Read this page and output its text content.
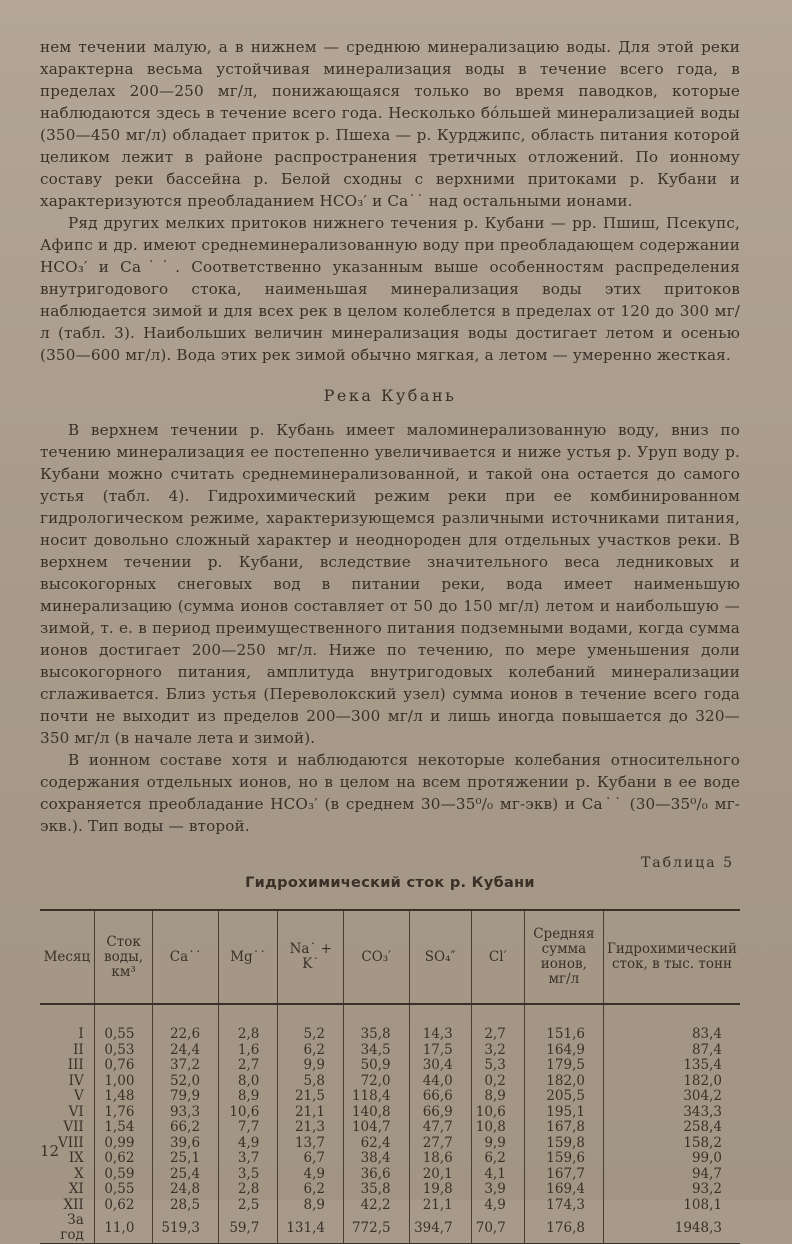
нем течении малую, а в нижнем — среднюю минерализацию воды. Для этой реки характерна весьма устойчивая минерализация воды в течение всего года, в пределах 200—250 мг/л, понижающаяся только во время паводков, которые наблюдаются здесь в течение всего года. Несколько бóльшей минерализацией воды (350—450 мг/л) обладает приток р. Пшеха — р. Курджипс, область питания которой целиком лежит в районе распространения третичных отложений. По ионному составу реки бассейна р. Белой сходны с верхними притоками р. Кубани и характеризуются преобладанием HCO₃′ и Ca˙˙ над остальными ионами.

Ряд других мелких притоков нижнего течения р. Кубани — рр. Пшиш, Псекупс, Афипс и др. имеют среднеминерализованную воду при преобладающем содержании HCO₃′ и Ca˙˙. Соответственно указанным выше особенностям распределения внутригодового стока, наименьшая минерализация воды этих притоков наблюдается зимой и для всех рек в целом колеблется в пределах от 120 до 300 мг/л (табл. 3). Наибольших величин минерализация воды достигает летом и осенью (350—600 мг/л). Вода этих рек зимой обычно мягкая, а летом — умеренно жесткая.

Река Кубань

В верхнем течении р. Кубань имеет маломинерализованную воду, вниз по течению минерализация ее постепенно увеличивается и ниже устья р. Уруп воду р. Кубани можно считать среднеминерализованной, и такой она остается до самого устья (табл. 4). Гидрохимический режим реки при ее комбинированном гидрологическом режиме, характеризующемся различными источниками питания, носит довольно сложный характер и неоднороден для отдельных участков реки. В верхнем течении р. Кубани, вследствие значительного веса ледниковых и высокогорных снеговых вод в питании реки, вода имеет наименьшую минерализацию (сумма ионов составляет от 50 до 150 мг/л) летом и наибольшую — зимой, т. е. в период преимущественного питания подземными водами, когда сумма ионов достигает 200—250 мг/л. Ниже по течению, по мере уменьшения доли высокогорного питания, амплитуда внутригодовых колебаний минерализации сглаживается. Близ устья (Переволокский узел) сумма ионов в течение всего года почти не выходит из пределов 200—300 мг/л и лишь иногда повышается до 320—350 мг/л (в начале лета и зимой).

В ионном составе хотя и наблюдаются некоторые колебания относительного содержания отдельных ионов, но в целом на всем протяжении р. Кубани в ее воде сохраняется преобладание HCO₃′ (в среднем 30—35⁰/₀ мг-экв) и Ca˙˙ (30—35⁰/₀ мг-экв.). Тип воды — второй.

Таблица 5
Гидрохимический сток р. Кубани
Месяц	Сток воды, км³	Ca˙˙	Mg˙˙	Na˙ + K˙	CO₃′	SO₄″	Cl′	Средняя сумма ионов, мг/л	Гидрохимический сток, в тыс. тонн
I	0,55	22,6	2,8	5,2	35,8	14,3	2,7	151,6	83,4
II	0,53	24,4	1,6	6,2	34,5	17,5	3,2	164,9	87,4
III	0,76	37,2	2,7	9,9	50,9	30,4	5,3	179,5	135,4
IV	1,00	52,0	8,0	5,8	72,0	44,0	0,2	182,0	182,0
V	1,48	79,9	8,9	21,5	118,4	66,6	8,9	205,5	304,2
VI	1,76	93,3	10,6	21,1	140,8	66,9	10,6	195,1	343,3
VII	1,54	66,2	7,7	21,3	104,7	47,7	10,8	167,8	258,4
VIII	0,99	39,6	4,9	13,7	62,4	27,7	9,9	159,8	158,2
IX	0,62	25,1	3,7	6,7	38,4	18,6	6,2	159,6	99,0
X	0,59	25,4	3,5	4,9	36,6	20,1	4,1	167,7	94,7
XI	0,55	24,8	2,8	6,2	35,8	19,8	3,9	169,4	93,2
XII	0,62	28,5	2,5	8,9	42,2	21,1	4,9	174,3	108,1
За год	11,0	519,3	59,7	131,4	772,5	394,7	70,7	176,8	1948,3
12
